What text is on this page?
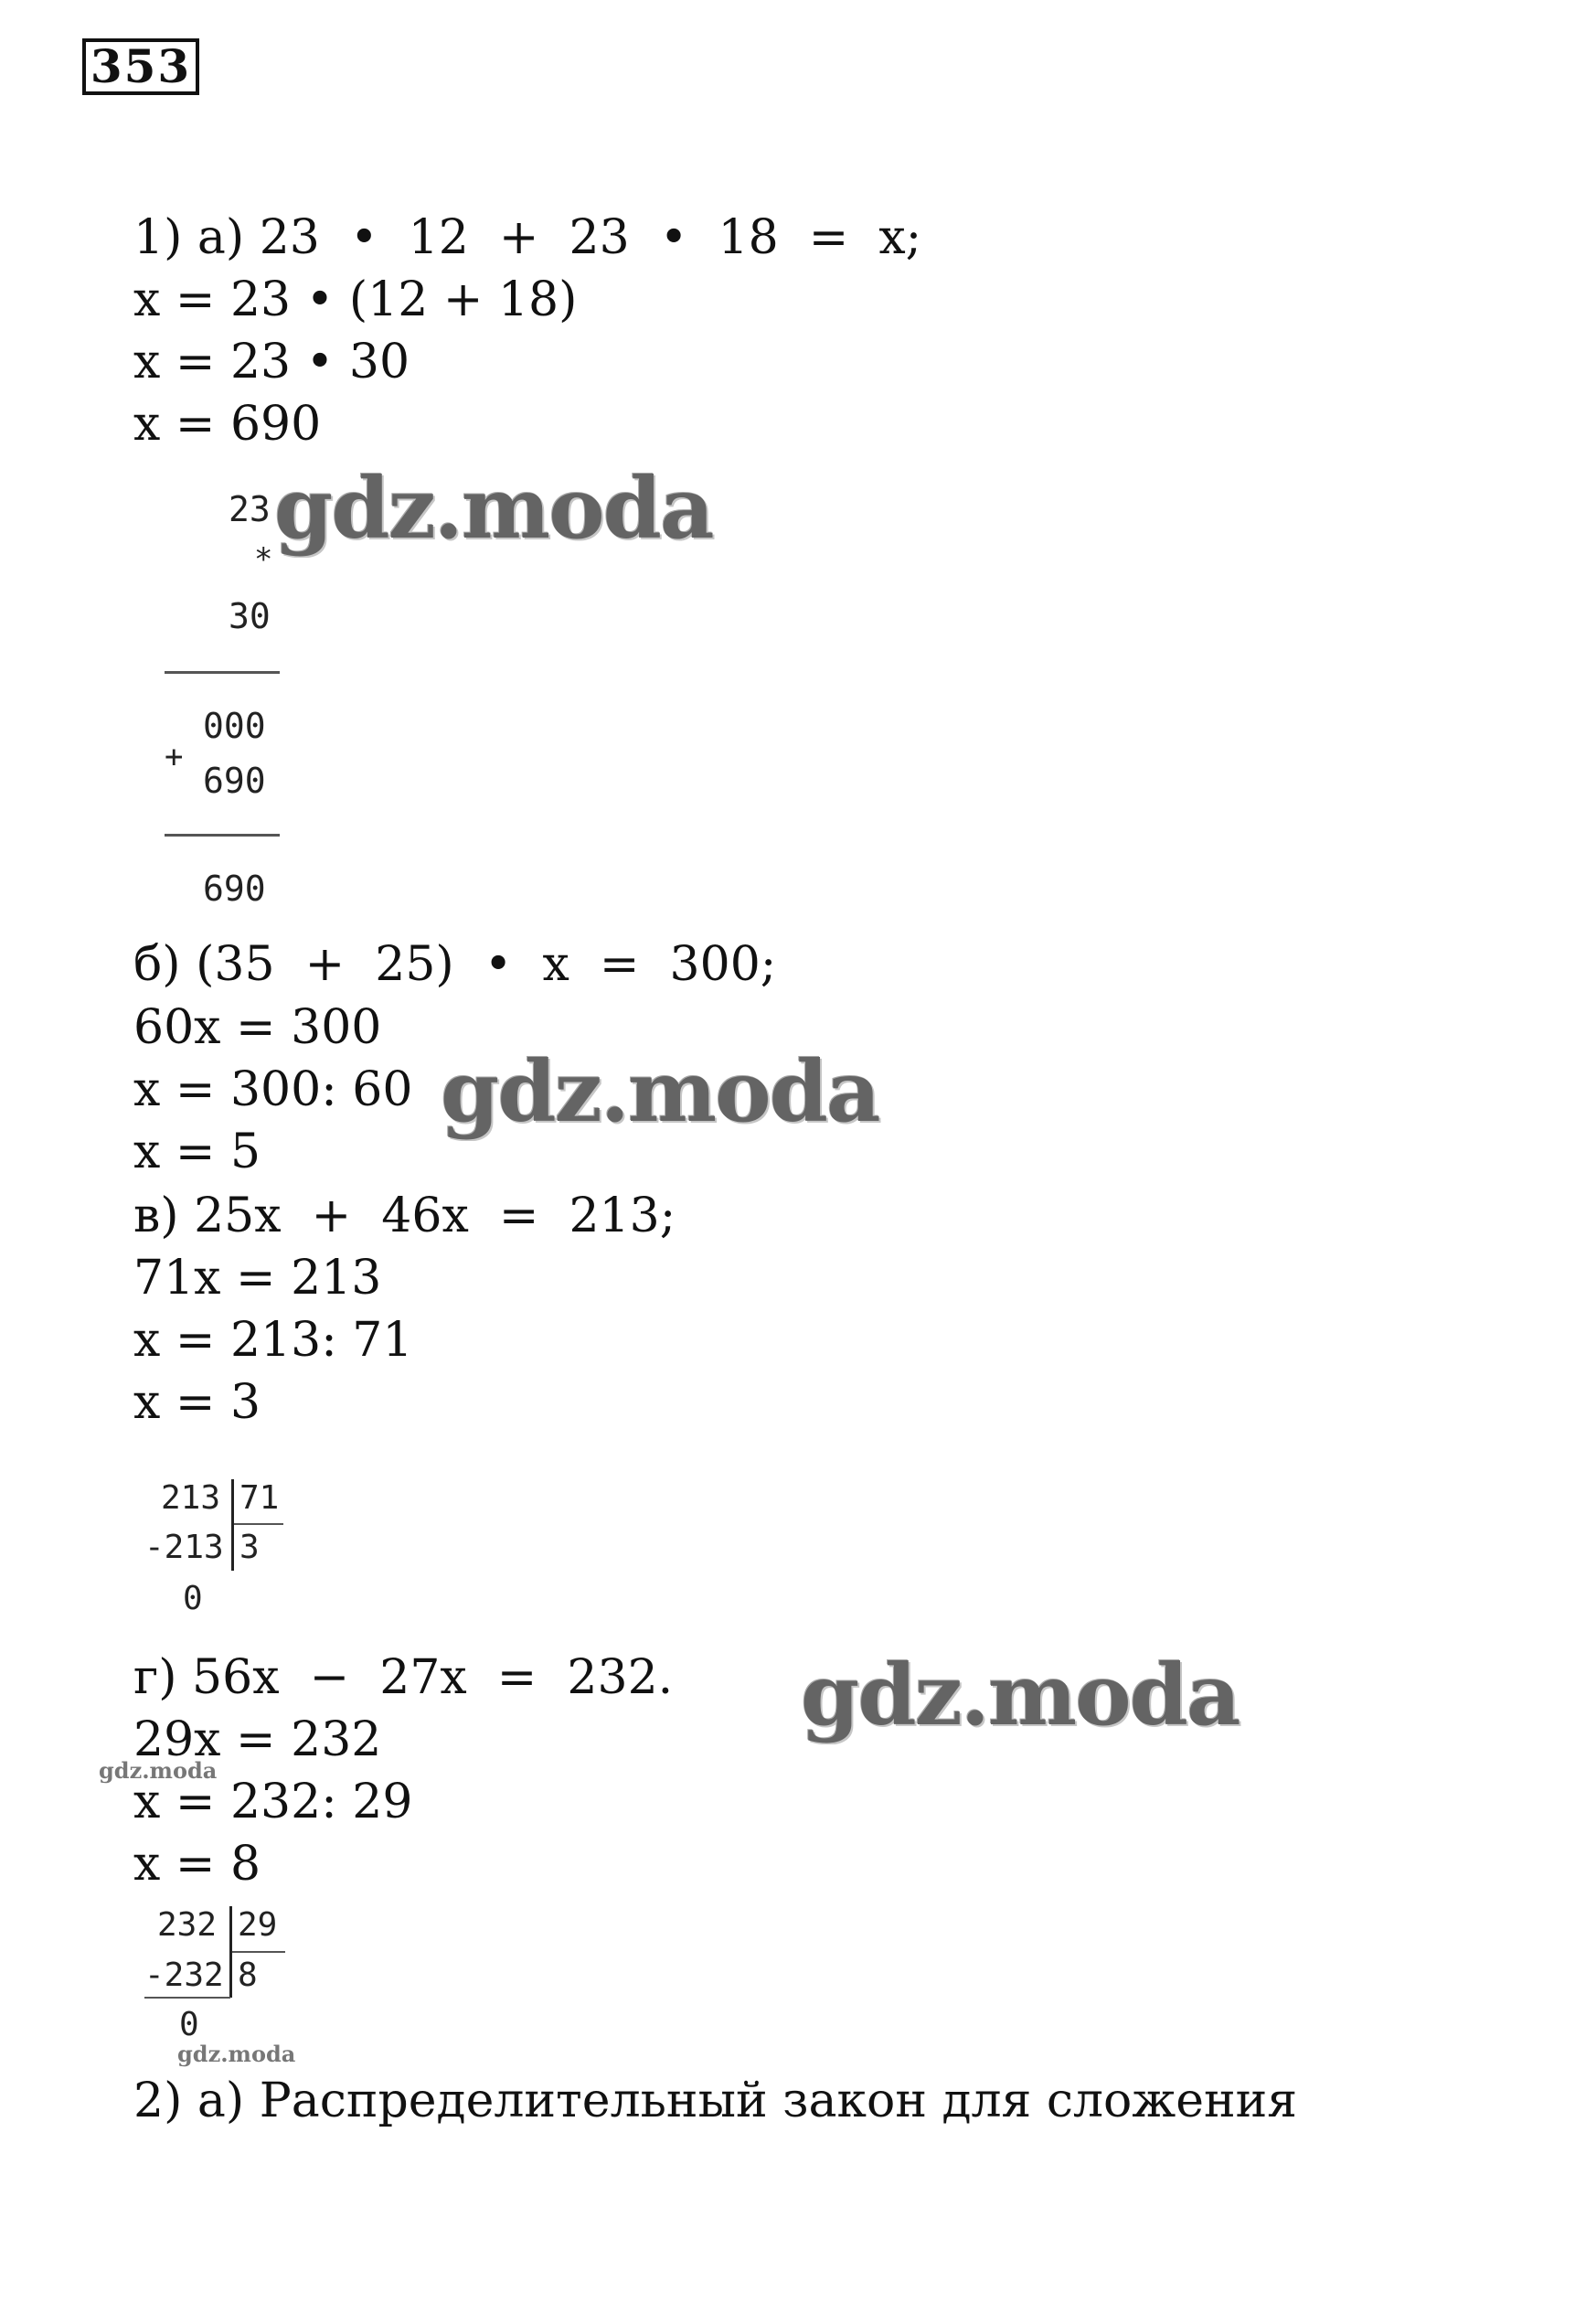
353
1) а) 23  •  12  +  23  •  18  =  x;
x = 23 • (12 + 18)
x = 23 • 30
x = 690
23
*
30
000
+
690
690
б) (35  +  25)  •  x  =  300;
60x = 300
x = 300: 60
x = 5
в) 25x  +  46x  =  213;
71x = 213
x = 213: 71
x = 3
213 71
-213 3
0
г) 56x  −  27x  =  232.
29x = 232
x = 232: 29
x = 8
232 29
-232 8
0
2) а) Распределительный закон для сложения
gdz.moda
gdz.moda
gdz.moda
gdz.moda
gdz.moda
